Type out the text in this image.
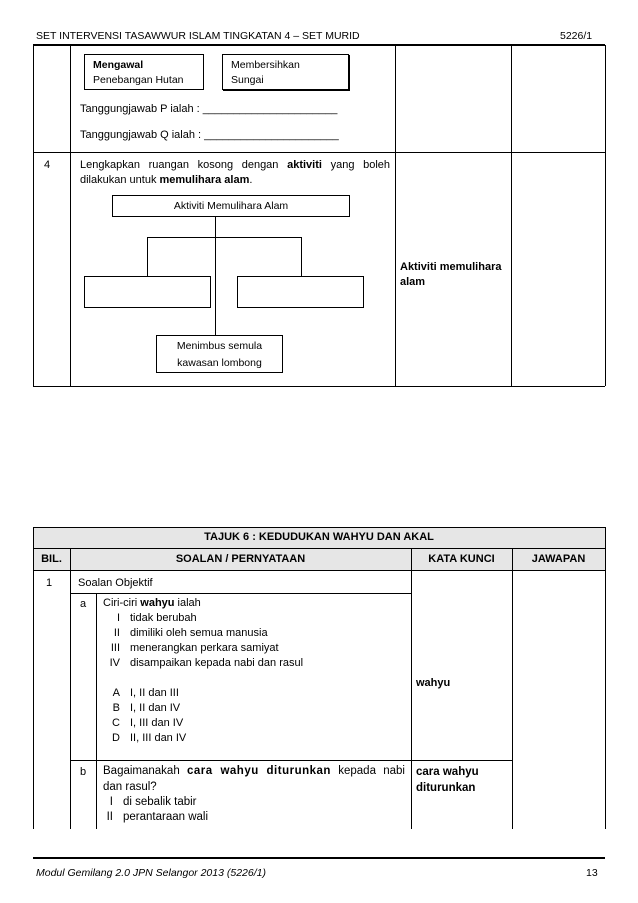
SET INTERVENSI TASAWWUR ISLAM TINGKATAN 4 – SET MURID	5226/1
Mengawal
Penebangan Hutan
Membersihkan
Sungai
Tanggungjawab P ialah : ______________________
Tanggungjawab Q ialah : ______________________
4	Lengkapkan ruangan kosong dengan aktiviti yang boleh dilakukan untuk memulihara alam.
Aktiviti Memulihara Alam
Menimbus semula
kawasan lombong
Aktiviti memulihara alam
TAJUK 6 : KEDUDUKAN WAHYU DAN AKAL
BIL.	SOALAN / PERNYATAAN	KATA KUNCI	JAWAPAN
1 Soalan Objektif
a Ciri-ciri wahyu ialah
I tidak berubah
II dimiliki oleh semua manusia
III menerangkan perkara samiyat
IV disampaikan kepada nabi dan rasul
A I, II dan III
B I, II dan IV
C I, III dan IV
D II, III dan IV
wahyu
b Bagaimanakah cara wahyu diturunkan kepada nabi dan rasul?
I di sebalik tabir
II perantaraan wali
cara wahyu diturunkan
Modul Gemilang 2.0 JPN Selangor 2013 (5226/1)	13
